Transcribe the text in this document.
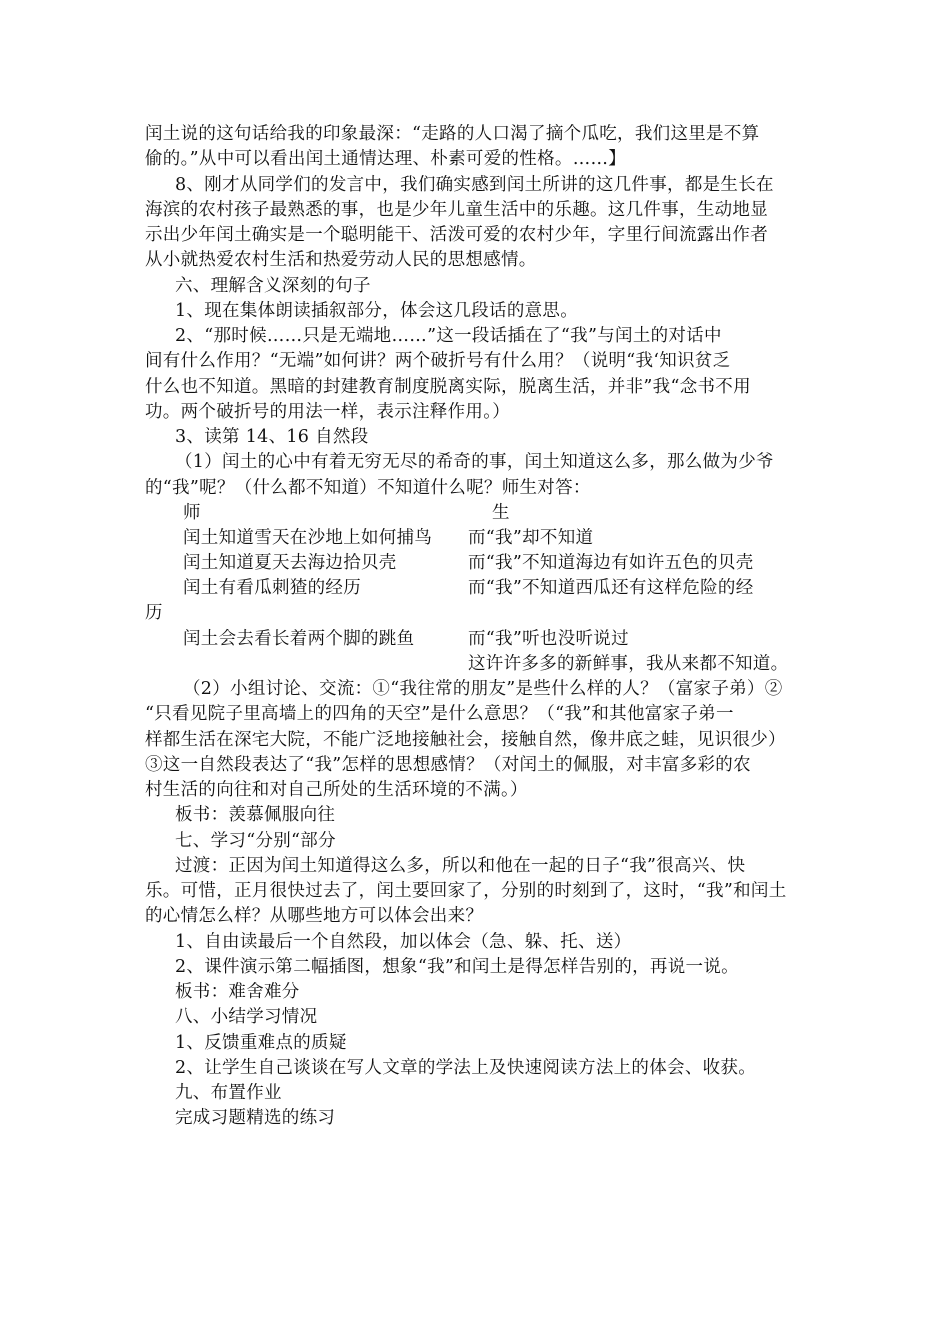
闰土说的这句话给我的印象最深：“走路的人口渴了摘个瓜吃，我们这里是不算
偷的。”从中可以看出闰土通情达理、朴素可爱的性格。……】
8、刚才从同学们的发言中，我们确实感到闰土所讲的这几件事，都是生长在
海滨的农村孩子最熟悉的事，也是少年儿童生活中的乐趣。这几件事，生动地显
示出少年闰土确实是一个聪明能干、活泼可爱的农村少年，字里行间流露出作者
从小就热爱农村生活和热爱劳动人民的思想感情。
六、理解含义深刻的句子
1、现在集体朗读插叙部分，体会这几段话的意思。
2、“那时候……只是无端地……”这一段话插在了“我”与闰土的对话中
间有什么作用？“无端”如何讲？两个破折号有什么用？（说明“我‘知识贫乏
什么也不知道。黑暗的封建教育制度脱离实际，脱离生活，并非”我“念书不用
功。两个破折号的用法一样，表示注释作用。）
3、读第 14、16 自然段
（1）闰土的心中有着无穷无尽的希奇的事，闰土知道这么多，那么做为少爷
的“我”呢？（什么都不知道）不知道什么呢？师生对答：
师	生
闰土知道雪天在沙地上如何捕鸟 而“我”却不知道
闰土知道夏天去海边拾贝壳	而“我”不知道海边有如许五色的贝壳
闰土有看瓜刺猹的经历	而“我”不知道西瓜还有这样危险的经
历
闰土会去看长着两个脚的跳鱼	而“我”听也没听说过
这许许多多的新鲜事，我从来都不知道。
（2）小组讨论、交流：①“我往常的朋友”是些什么样的人？（富家子弟）②
“只看见院子里高墙上的四角的天空”是什么意思？（“我”和其他富家子弟一
样都生活在深宅大院，不能广泛地接触社会，接触自然，像井底之蛙，见识很少）
③这一自然段表达了“我”怎样的思想感情？（对闰土的佩服，对丰富多彩的农
村生活的向往和对自己所处的生活环境的不满。）
板书：羡慕佩服向往
七、学习“分别“部分
过渡：正因为闰土知道得这么多，所以和他在一起的日子“我”很高兴、快
乐。可惜，正月很快过去了，闰土要回家了，分别的时刻到了，这时，“我”和闰土
的心情怎么样？从哪些地方可以体会出来？
1、自由读最后一个自然段，加以体会（急、躲、托、送）
2、课件演示第二幅插图，想象“我”和闰土是得怎样告别的，再说一说。
板书：难舍难分
八、小结学习情况
1、反馈重难点的质疑
2、让学生自己谈谈在写人文章的学法上及快速阅读方法上的体会、收获。
九、布置作业
完成习题精选的练习
